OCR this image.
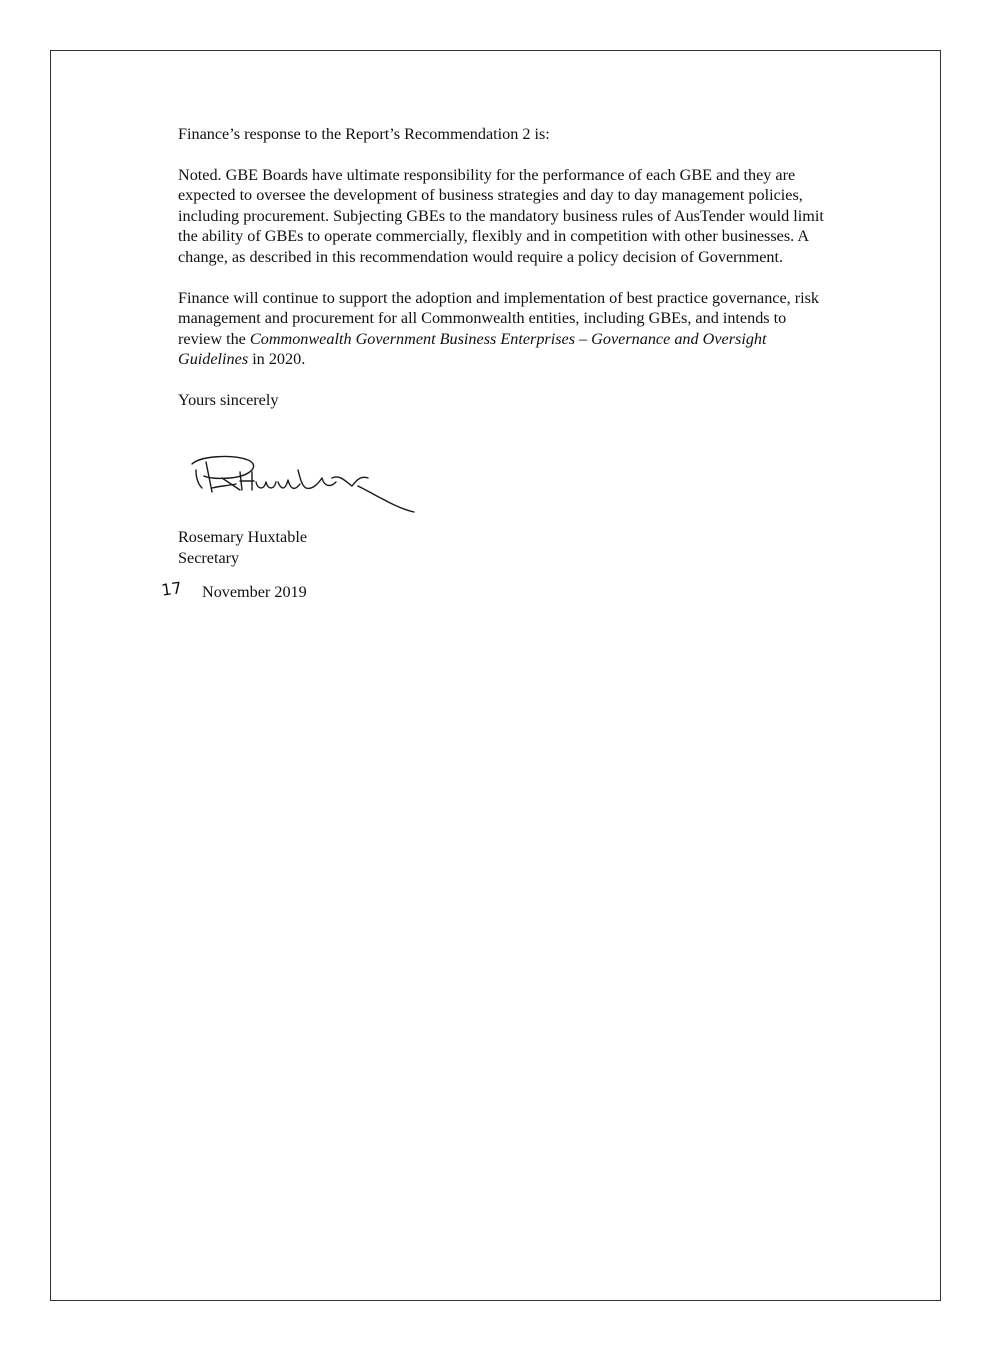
Finance’s response to the Report’s Recommendation 2 is:

Noted. GBE Boards have ultimate responsibility for the performance of each GBE and they are expected to oversee the development of business strategies and day to day management policies, including procurement. Subjecting GBEs to the mandatory business rules of AusTender would limit the ability of GBEs to operate commercially, flexibly and in competition with other businesses. A change, as described in this recommendation would require a policy decision of Government.

Finance will continue to support the adoption and implementation of best practice governance, risk management and procurement for all Commonwealth entities, including GBEs, and intends to review the Commonwealth Government Business Enterprises – Governance and Oversight Guidelines in 2020.

Yours sincerely

Rosemary Huxtable
Secretary
17 November 2019
